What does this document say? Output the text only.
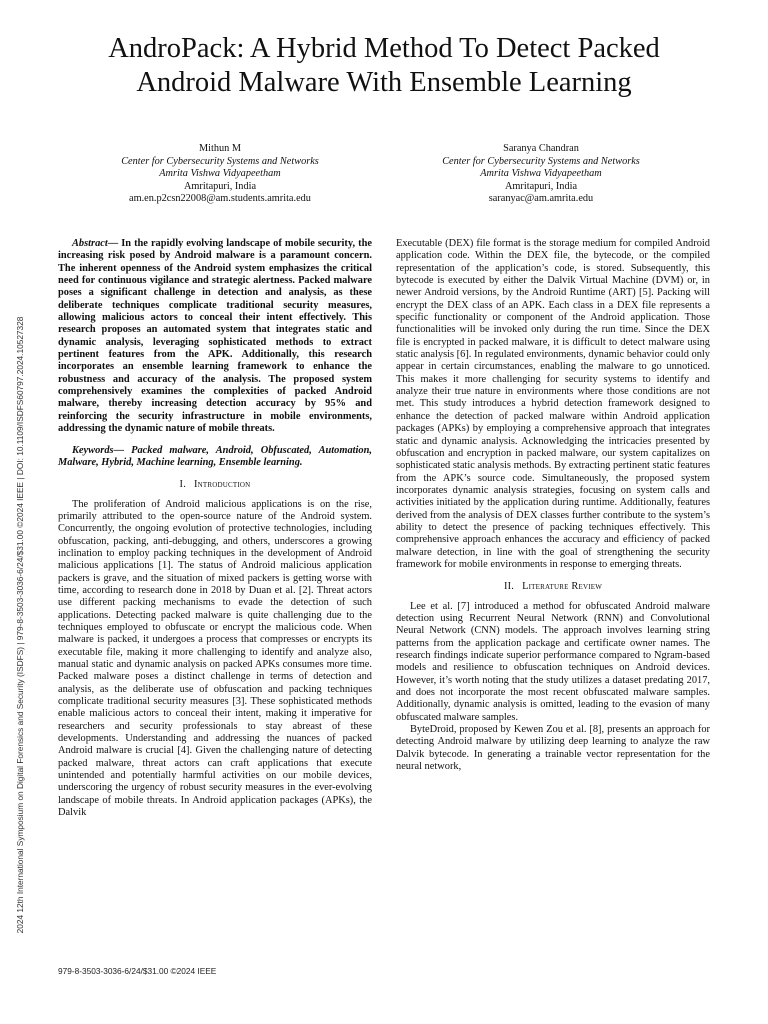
2024 12th International Symposium on Digital Forensics and Security (ISDFS) | 979-8-3503-3036-6/24/$31.00 ©2024 IEEE | DOI: 10.1109/ISDFS60797.2024.10527328
AndroPack: A Hybrid Method To Detect Packed
Android Malware With Ensemble Learning
Mithun M
Center for Cybersecurity Systems and Networks
Amrita Vishwa Vidyapeetham
Amritapuri, India
am.en.p2csn22008@am.students.amrita.edu
Saranya Chandran
Center for Cybersecurity Systems and Networks
Amrita Vishwa Vidyapeetham
Amritapuri, India
saranyac@am.amrita.edu

Abstract— In the rapidly evolving landscape of mobile security, the increasing risk posed by Android malware is a paramount concern. The inherent openness of the Android system emphasizes the critical need for continuous vigilance and strategic alertness. Packed malware poses a significant challenge in detection and analysis, as these deliberate techniques complicate traditional security measures, allowing malicious actors to conceal their intent effectively. This research proposes an automated system that integrates static and dynamic analysis, leveraging sophisticated methods to extract pertinent features from the APK. Additionally, this research incorporates an ensemble learning framework to enhance the robustness and accuracy of the analysis. The proposed system comprehensively examines the complexities of packed Android malware, thereby increasing detection accuracy by 95% and reinforcing the security infrastructure in mobile environments, addressing the dynamic nature of mobile threats.

Keywords— Packed malware, Android, Obfuscated, Automation, Malware, Hybrid, Machine learning, Ensemble learning.

I. Introduction

The proliferation of Android malicious applications is on the rise, primarily attributed to the open-source nature of the Android system. Concurrently, the ongoing evolution of protective technologies, including obfuscation, packing, anti-debugging, and others, underscores a growing inclination to employ packing techniques in the development of Android malicious applications [1]. The status of Android malicious application packers is grave, and the situation of mixed packers is getting worse with time, according to research done in 2018 by Duan et al. [2]. Threat actors use different packing mechanisms to evade the detection of such applications. Detecting packed malware is quite challenging due to the techniques employed to obfuscate or encrypt the malicious code. When malware is packed, it undergoes a process that compresses or encrypts its executable file, making it more challenging to identify and analyze also, manual static and dynamic analysis on packed APKs consumes more time. Packed malware poses a distinct challenge in terms of detection and analysis, as the deliberate use of obfuscation and packing techniques complicate traditional security measures [3]. These sophisticated methods enable malicious actors to conceal their intent, making it imperative for researchers and security professionals to stay abreast of these developments. Understanding and addressing the nuances of packed Android malware is crucial [4]. Given the challenging nature of detecting packed malware, threat actors can craft applications that execute unintended and potentially harmful activities on our mobile devices, underscoring the urgency of robust security measures in the ever-evolving landscape of mobile threats. In Android application packages (APKs), the Dalvik

Executable (DEX) file format is the storage medium for compiled Android application code. Within the DEX file, the bytecode, or the compiled representation of the application’s code, is stored. Subsequently, this bytecode is executed by either the Dalvik Virtual Machine (DVM) or, in newer Android versions, by the Android Runtime (ART) [5]. Packing will encrypt the DEX class of an APK. Each class in a DEX file represents a specific functionality or component of the Android application. Those functionalities will be invoked only during the run time. Since the DEX file is encrypted in packed malware, it is difficult to detect malware using static analysis [6]. In regulated environments, dynamic behavior could only appear in certain circumstances, enabling the malware to go unnoticed. This makes it more challenging for security systems to identify and analyze their true nature in environments where those conditions are not met. This study introduces a hybrid detection framework designed to enhance the detection of packed malware within Android application packages (APKs) by employing a comprehensive approach that integrates static and dynamic analysis. Acknowledging the intricacies presented by obfuscation and encryption in packed malware, our system capitalizes on sophisticated static analysis methods. By extracting pertinent static features from the APK’s source code. Simultaneously, the proposed system incorporates dynamic analysis strategies, focusing on system calls and activities initiated by the application during runtime. Additionally, features derived from the analysis of DEX classes further contribute to the system’s ability to detect the presence of packing techniques effectively. This comprehensive approach enhances the accuracy and efficiency of packed malware detection, in line with the goal of strengthening the security framework for mobile environments in response to emerging threats.

II. Literature Review

Lee et al. [7] introduced a method for obfuscated Android malware detection using Recurrent Neural Network (RNN) and Convolutional Neural Network (CNN) models. The approach involves learning string patterns from the application package and certificate owner names. The research findings indicate superior performance compared to Ngram-based models and resilience to obfuscation techniques on Android devices. However, it’s worth noting that the study utilizes a dataset predating 2017, and does not incorporate the most recent obfuscated malware samples. Additionally, dynamic analysis is omitted, leading to the evasion of many obfuscated malware samples.

ByteDroid, proposed by Kewen Zou et al. [8], presents an approach for detecting Android malware by utilizing deep learning to analyze the raw Dalvik bytecode. In generating a trainable vector representation for the neural network,

979-8-3503-3036-6/24/$31.00 ©2024 IEEE
